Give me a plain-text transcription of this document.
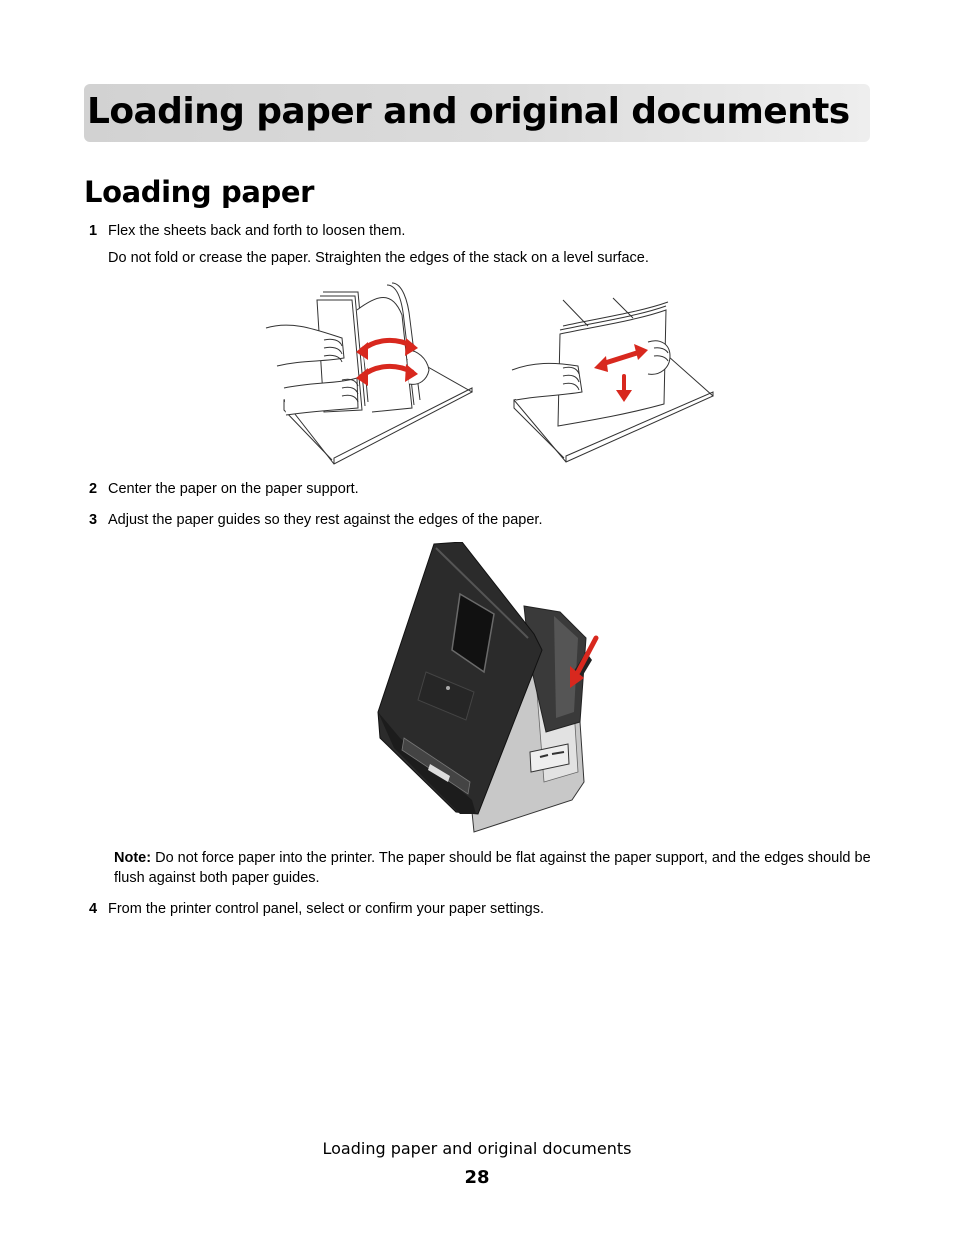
Loading paper and original documents
Loading paper
1 Flex the sheets back and forth to loosen them.
Do not fold or crease the paper. Straighten the edges of the stack on a level surface.
2 Center the paper on the paper support.
3 Adjust the paper guides so they rest against the edges of the paper.
Note: Do not force paper into the printer. The paper should be flat against the paper support, and the edges should be flush against both paper guides.
4 From the printer control panel, select or confirm your paper settings.
Loading paper and original documents
28
